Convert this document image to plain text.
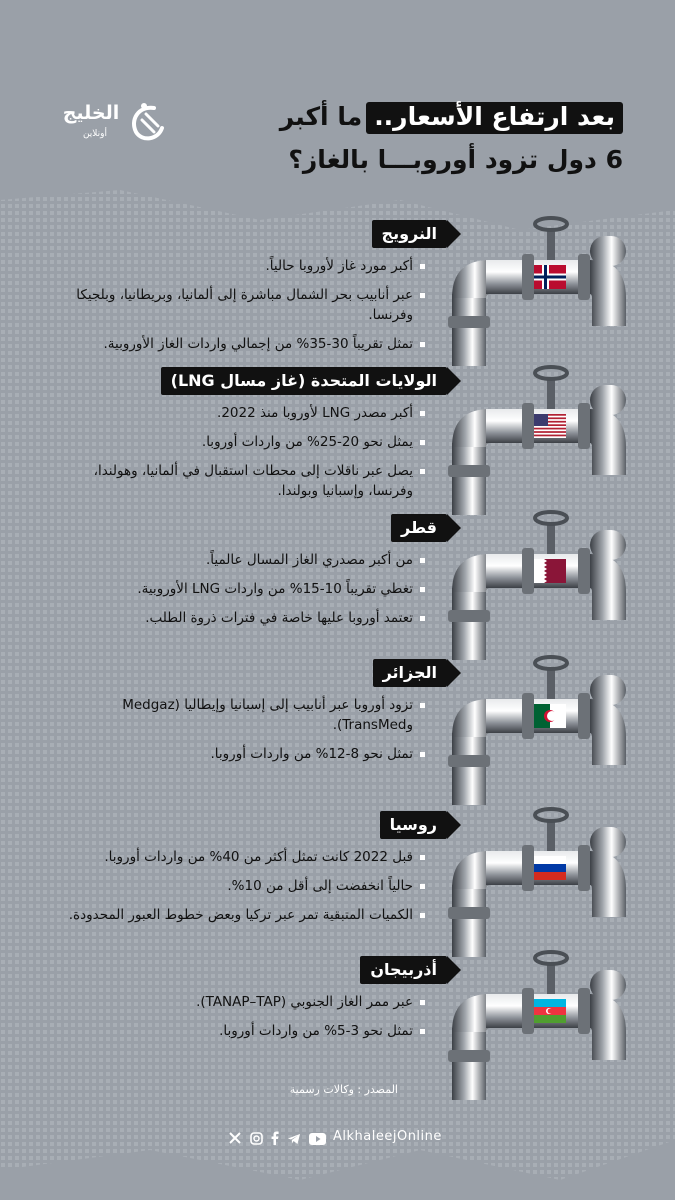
الخليج
أونلاين
بعد ارتفاع الأسعار..ما أكبر
6 دول تزود أوروبـــا بالغاز؟
النرويج
أكبر مورد غاز لأوروبا حالياً.
عبر أنابيب بحر الشمال مباشرة إلى ألمانيا، وبريطانيا، وبلجيكا وفرنسا.
تمثل تقريباً 30-35% من إجمالي واردات الغاز الأوروبية.
الولايات المتحدة (غاز مسال LNG)
أكبر مصدر LNG لأوروبا منذ 2022.
يمثل نحو 20-25% من واردات أوروبا.
يصل عبر ناقلات إلى محطات استقبال في ألمانيا، وهولندا، وفرنسا، وإسبانيا وبولندا.
قطر
من أكبر مصدري الغاز المسال عالمياً.
تغطي تقريباً 10-15% من واردات LNG الأوروبية.
تعتمد أوروبا عليها خاصة في فترات ذروة الطلب.
الجزائر
تزود أوروبا عبر أنابيب إلى إسبانيا وإيطاليا (Medgaz وTransMed).
تمثل نحو 8-12% من واردات أوروبا.
روسيا
قبل 2022 كانت تمثل أكثر من 40% من واردات أوروبا.
حالياً انخفضت إلى أقل من 10%.
الكميات المتبقية تمر عبر تركيا وبعض خطوط العبور المحدودة.
أذربيجان
عبر ممر الغاز الجنوبي (TANAP–TAP).
تمثل نحو 3-5% من واردات أوروبا.
المصدر : وكالات رسمية
AlkhaleejOnline
